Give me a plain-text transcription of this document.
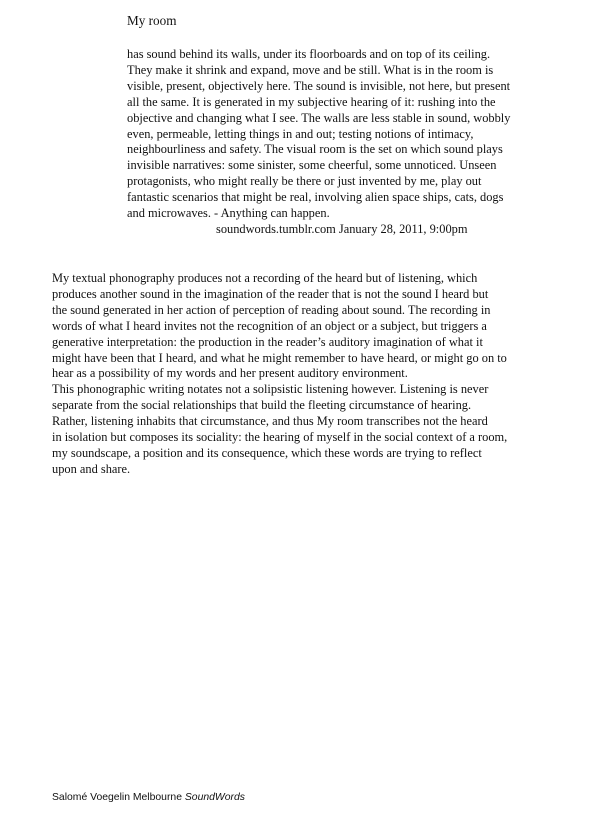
My room
has sound behind its walls, under its floorboards and on top of its ceiling.
They make it shrink and expand, move and be still. What is in the room is
visible, present, objectively here. The sound is invisible, not here, but present
all the same. It is generated in my subjective hearing of it: rushing into the
objective and changing what I see. The walls are less stable in sound, wobbly
even, permeable, letting things in and out; testing notions of intimacy,
neighbourliness and safety. The visual room is the set on which sound plays
invisible narratives: some sinister, some cheerful, some unnoticed. Unseen
protagonists, who might really be there or just invented by me, play out
fantastic scenarios that might be real, involving alien space ships, cats, dogs
and microwaves. - Anything can happen.
soundwords.tumblr.com January 28, 2011, 9:00pm
My textual phonography produces not a recording of the heard but of listening, which
produces another sound in the imagination of the reader that is not the sound I heard but
the sound generated in her action of perception of reading about sound. The recording in
words of what I heard invites not the recognition of an object or a subject, but triggers a
generative interpretation: the production in the reader’s auditory imagination of what it
might have been that I heard, and what he might remember to have heard, or might go on to
hear as a possibility of my words and her present auditory environment.
This phonographic writing notates not a solipsistic listening however. Listening is never
separate from the social relationships that build the fleeting circumstance of hearing.
Rather, listening inhabits that circumstance, and thus My room transcribes not the heard
in isolation but composes its sociality: the hearing of myself in the social context of a room,
my soundscape, a position and its consequence, which these words are trying to reflect
upon and share.
Salomé Voegelin Melbourne SoundWords
